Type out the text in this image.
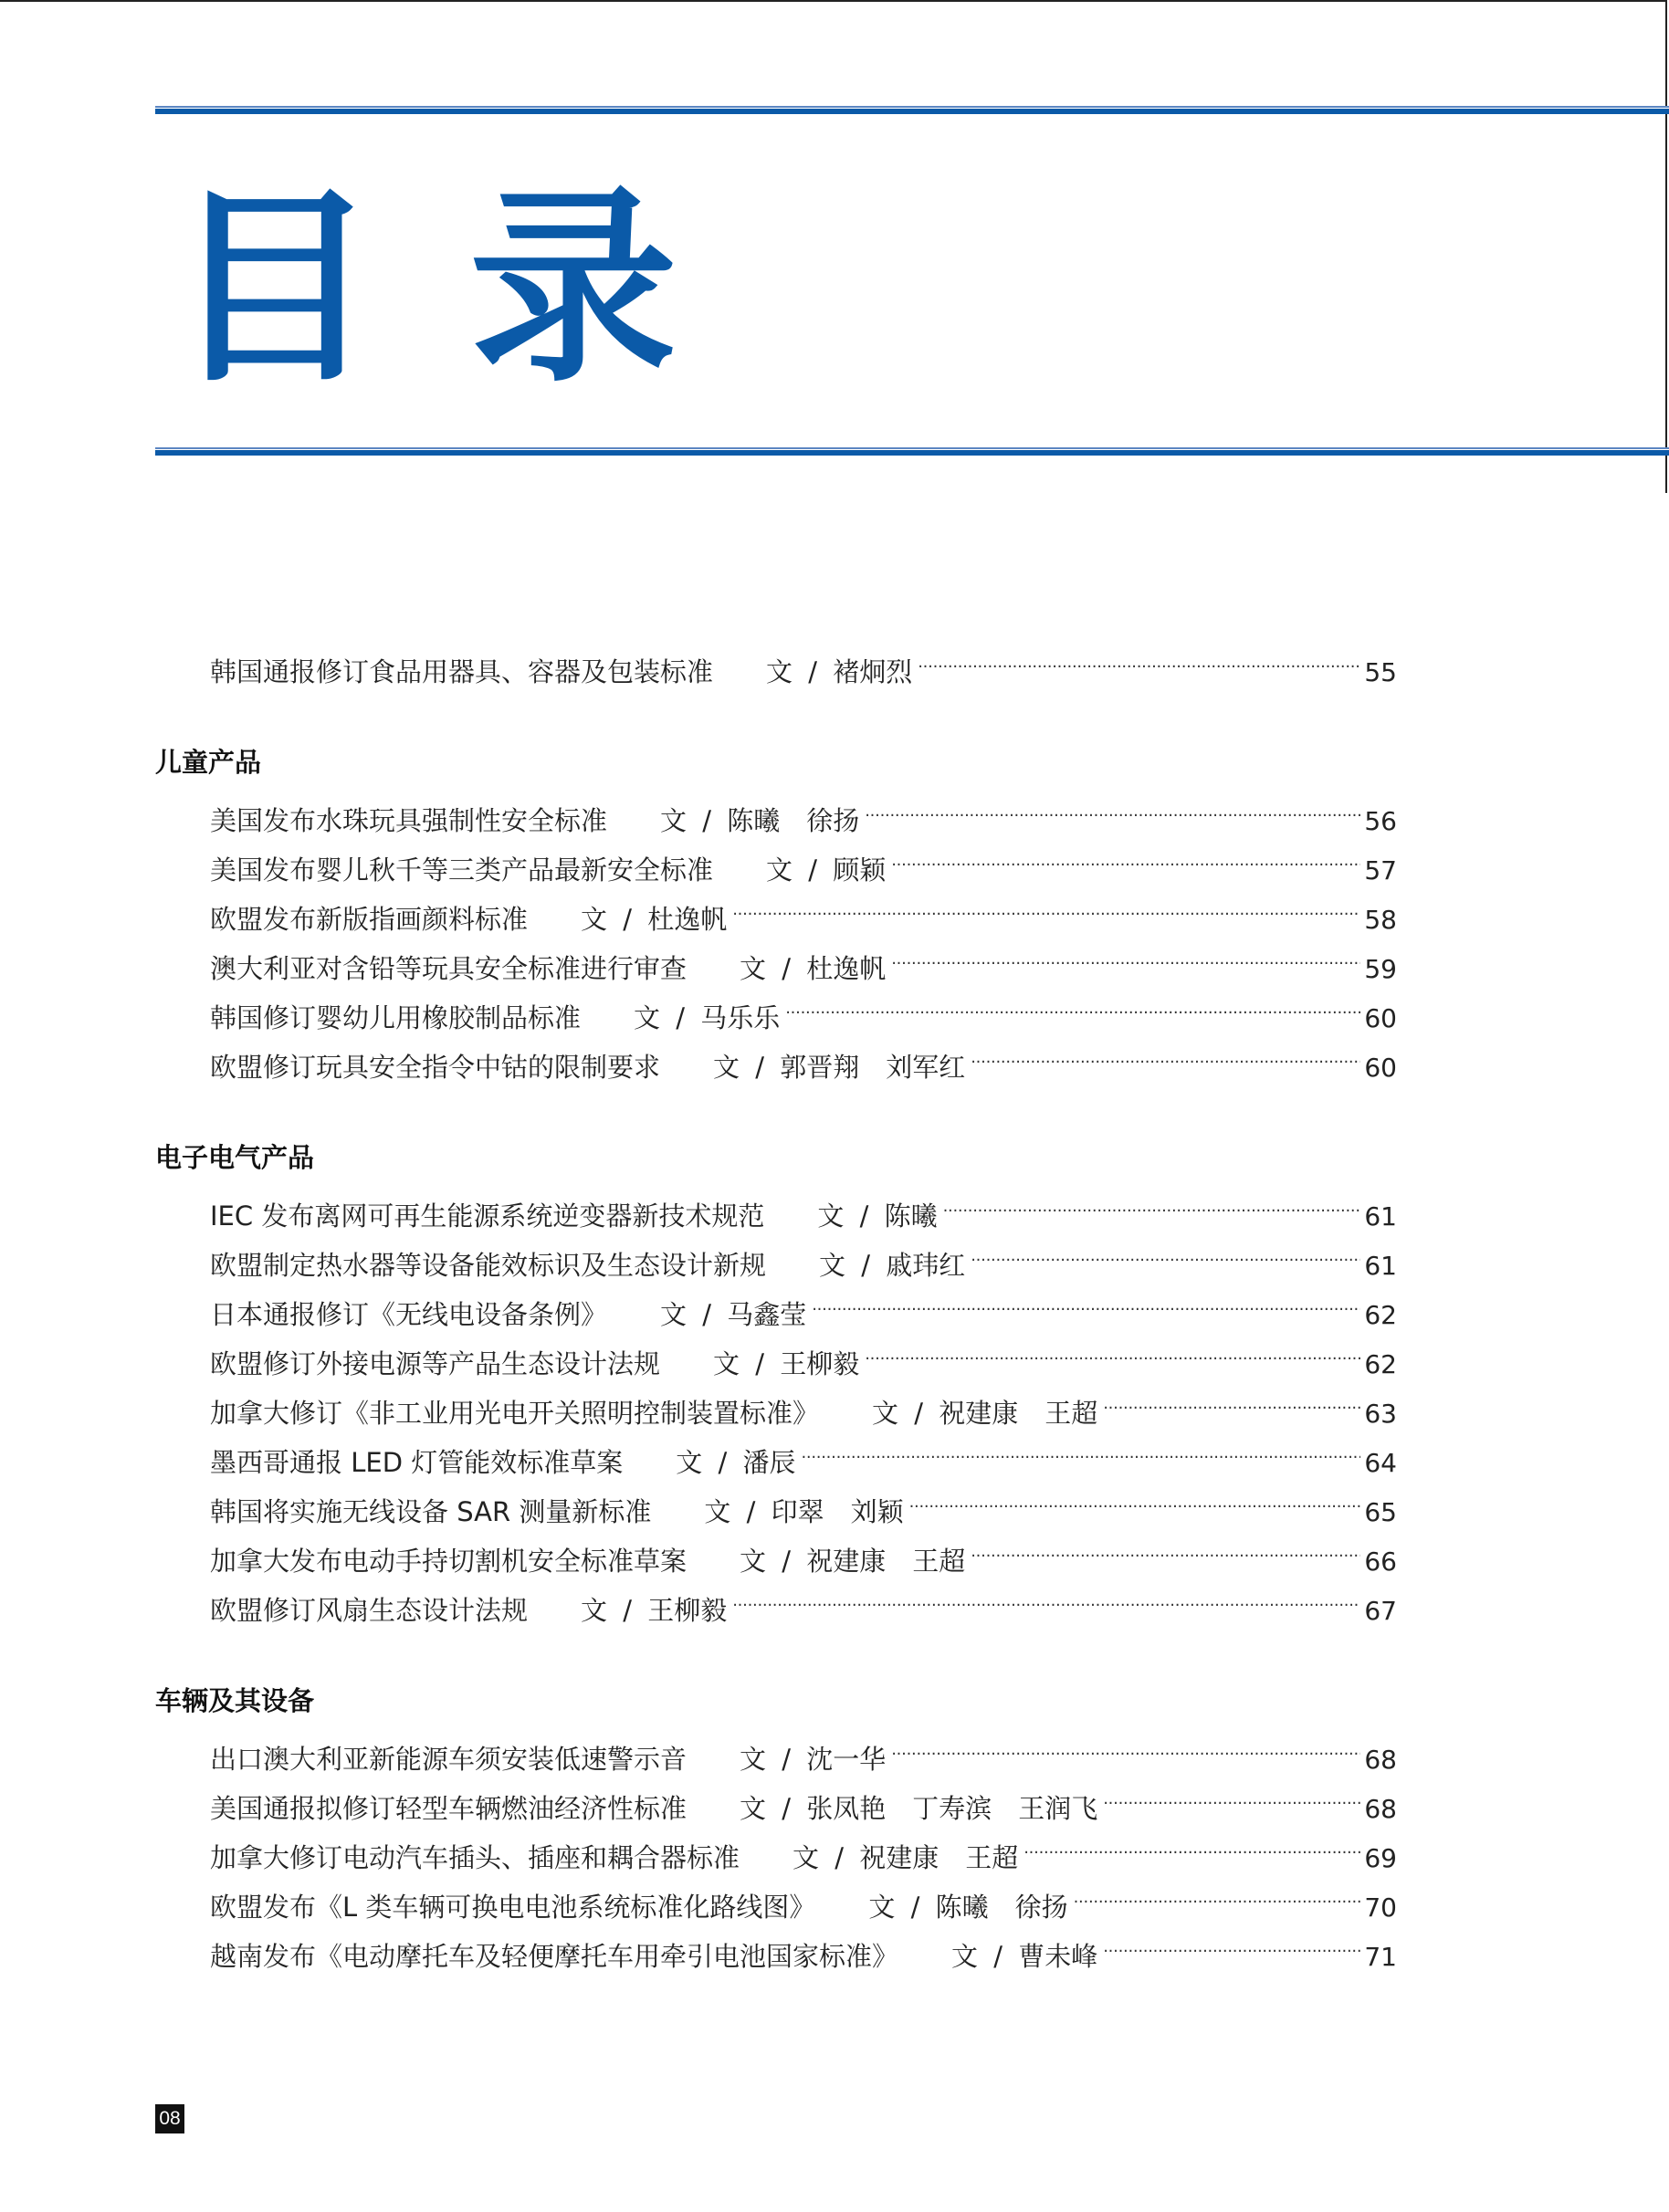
目录
韩国通报修订食品用器具、容器及包装标准 文 / 褚炯烈 . . .	55
儿童产品
美国发布水珠玩具强制性安全标准 文 / 陈曦　徐扬 . . .	56
美国发布婴儿秋千等三类产品最新安全标准 文 / 顾颖 . . .	57
欧盟发布新版指画颜料标准 文 / 杜逸帆 . . .	58
澳大利亚对含铅等玩具安全标准进行审查 文 / 杜逸帆 . . .	59
韩国修订婴幼儿用橡胶制品标准 文 / 马乐乐 . . .	60
欧盟修订玩具安全指令中钴的限制要求 文 / 郭晋翔　刘军红 . . .	60
电子电气产品
IEC 发布离网可再生能源系统逆变器新技术规范 文 / 陈曦 . . .	61
欧盟制定热水器等设备能效标识及生态设计新规 文 / 戚玮红 . . .	61
日本通报修订《无线电设备条例》 文 / 马鑫莹 . . .	62
欧盟修订外接电源等产品生态设计法规 文 / 王柳毅 . . .	62
加拿大修订《非工业用光电开关照明控制装置标准》 文 / 祝建康　王超 . . .	63
墨西哥通报 LED 灯管能效标准草案 文 / 潘辰 . . .	64
韩国将实施无线设备 SAR 测量新标准 文 / 印翠　刘颖 . . .	65
加拿大发布电动手持切割机安全标准草案 文 / 祝建康　王超 . . .	66
欧盟修订风扇生态设计法规 文 / 王柳毅 . . .	67
车辆及其设备
出口澳大利亚新能源车须安装低速警示音 文 / 沈一华 . . .	68
美国通报拟修订轻型车辆燃油经济性标准 文 / 张凤艳　丁寿滨　王润飞 . . .	68
加拿大修订电动汽车插头、插座和耦合器标准 文 / 祝建康　王超 . . .	69
欧盟发布《L 类车辆可换电电池系统标准化路线图》 文 / 陈曦　徐扬 . . .	70
越南发布《电动摩托车及轻便摩托车用牵引电池国家标准》 文 / 曹未峰 . . .	71
08
